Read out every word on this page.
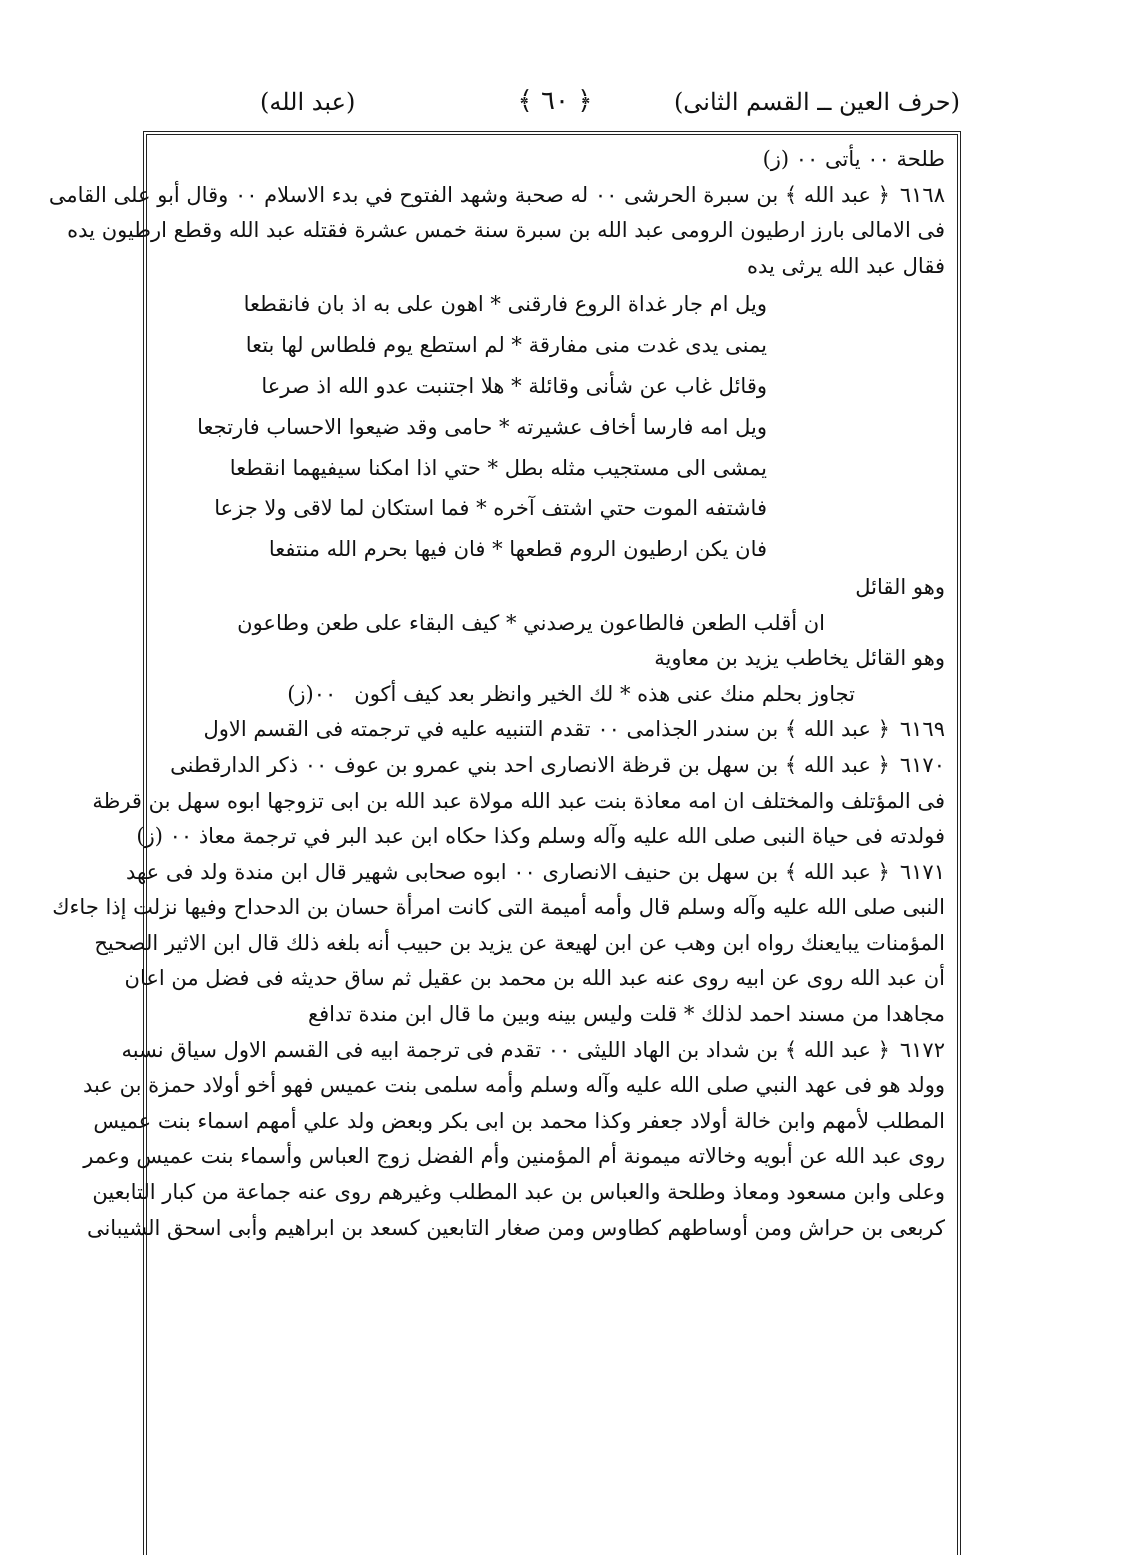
(حرف العين ــ القسم الثانى)
﴿ ٦٠ ﴾
(عبد الله)
طلحة ٠٠ يأتى ٠٠ (ز)
٦١٦٨﴿ عبد الله ﴾ بن سبرة الحرشى ٠٠ له صحبة وشهد الفتوح في بدء الاسلام ٠٠ وقال أبو على القامى
فى الامالى بارز ارطيون الرومى عبد الله بن سبرة سنة خمس عشرة فقتله عبد الله وقطع ارطيون يده
فقال عبد الله يرثى يده
ويل ام جار غداة الروع فارقنى * اهون على به اذ بان فانقطعا
يمنى يدى غدت منى مفارقة * لم استطع يوم فلطاس لها بتعا
وقائل غاب عن شأنى وقائلة * هلا اجتنبت عدو الله اذ صرعا
ويل امه فارسا أخاف عشيرته * حامى وقد ضيعوا الاحساب فارتجعا
يمشى الى مستجيب مثله بطل * حتي اذا امكنا سيفيهما انقطعا
فاشتفه الموت حتي اشتف آخره * فما استكان لما لاقى ولا جزعا
فان يكن ارطيون الروم قطعها * فان فيها بحرم الله منتفعا
وهو القائل
ان أقلب الطعن فالطاعون يرصدني * كيف البقاء على طعن وطاعون
وهو القائل يخاطب يزيد بن معاوية
تجاوز بحلم منك عنى هذه * لك الخير وانظر بعد كيف أكون٠٠(ز)
٦١٦٩﴿ عبد الله ﴾ بن سندر الجذامى ٠٠ تقدم التنبيه عليه في ترجمته فى القسم الاول
٦١٧٠﴿ عبد الله ﴾ بن سهل بن قرظة الانصارى احد بني عمرو بن عوف ٠٠ ذكر الدارقطنى
فى المؤتلف والمختلف ان امه معاذة بنت عبد الله مولاة عبد الله بن ابى تزوجها ابوه سهل بن قرظة
فولدته فى حياة النبى صلى الله عليه وآله وسلم وكذا حكاه ابن عبد البر في ترجمة معاذ ٠٠ (ز)
٦١٧١﴿ عبد الله ﴾ بن سهل بن حنيف الانصارى ٠٠ ابوه صحابى شهير قال ابن مندة ولد فى عهد
النبى صلى الله عليه وآله وسلم قال وأمه أميمة التى كانت امرأة حسان بن الدحداح وفيها نزلت إذا جاءك
المؤمنات يبايعنك رواه ابن وهب عن ابن لهيعة عن يزيد بن حبيب أنه بلغه ذلك قال ابن الاثير الصحيح
أن عبد الله روى عن ابيه روى عنه عبد الله بن محمد بن عقيل ثم ساق حديثه فى فضل من اعان
مجاهدا من مسند احمد لذلك * قلت وليس بينه وبين ما قال ابن مندة تدافع
٦١٧٢﴿ عبد الله ﴾ بن شداد بن الهاد الليثى ٠٠ تقدم فى ترجمة ابيه فى القسم الاول سياق نسبه
وولد هو فى عهد النبي صلى الله عليه وآله وسلم وأمه سلمى بنت عميس فهو أخو أولاد حمزة بن عبد
المطلب لأمهم وابن خالة أولاد جعفر وكذا محمد بن ابى بكر وبعض ولد علي أمهم اسماء بنت عميس
روى عبد الله عن أبويه وخالاته ميمونة أم المؤمنين وأم الفضل زوج العباس وأسماء بنت عميس وعمر
وعلى وابن مسعود ومعاذ وطلحة والعباس بن عبد المطلب وغيرهم روى عنه جماعة من كبار التابعين
كربعى بن حراش ومن أوساطهم كطاوس ومن صغار التابعين كسعد بن ابراهيم وأبى اسحق الشيبانى
